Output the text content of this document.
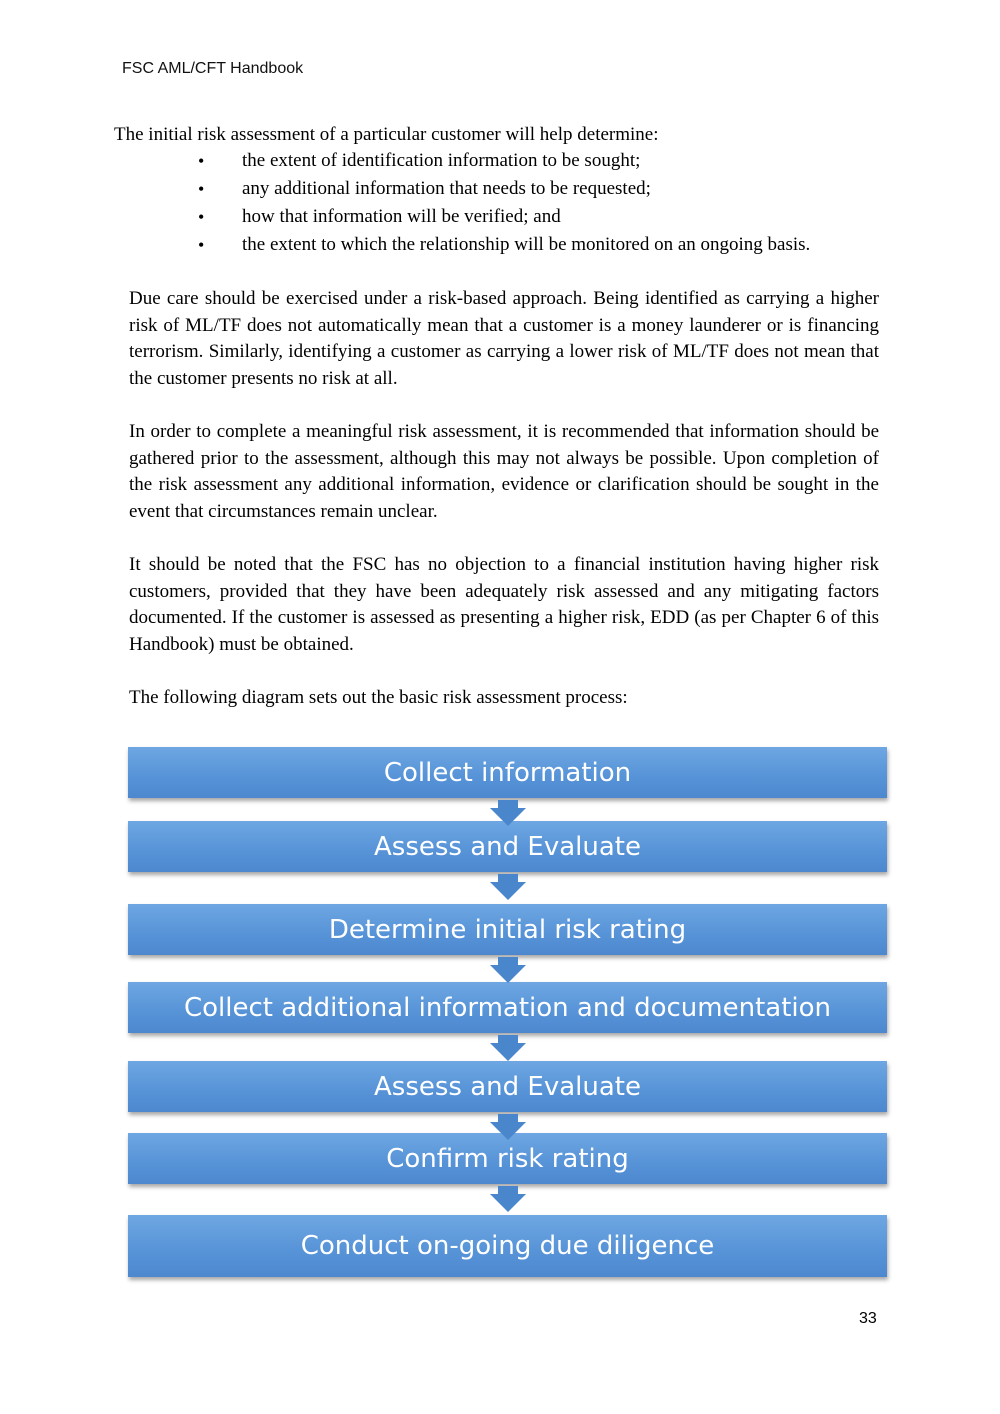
FSC AML/CFT Handbook
The initial risk assessment of a particular customer will help determine:
• the extent of identification information to be sought;
• any additional information that needs to be requested;
• how that information will be verified; and
• the extent to which the relationship will be monitored on an ongoing basis.

Due care should be exercised under a risk-based approach. Being identified as carrying a higher risk of ML/TF does not automatically mean that a customer is a money launderer or is financing terrorism. Similarly, identifying a customer as carrying a lower risk of ML/TF does not mean that the customer presents no risk at all.

In order to complete a meaningful risk assessment, it is recommended that information should be gathered prior to the assessment, although this may not always be possible. Upon completion of the risk assessment any additional information, evidence or clarification should be sought in the event that circumstances remain unclear.

It should be noted that the FSC has no objection to a financial institution having higher risk customers, provided that they have been adequately risk assessed and any mitigating factors documented. If the customer is assessed as presenting a higher risk, EDD (as per Chapter 6 of this Handbook) must be obtained.

The following diagram sets out the basic risk assessment process:

Collect information
Assess and Evaluate
Determine initial risk rating
Collect additional information and documentation
Assess and Evaluate
Confirm risk rating
Conduct on-going due diligence
33
